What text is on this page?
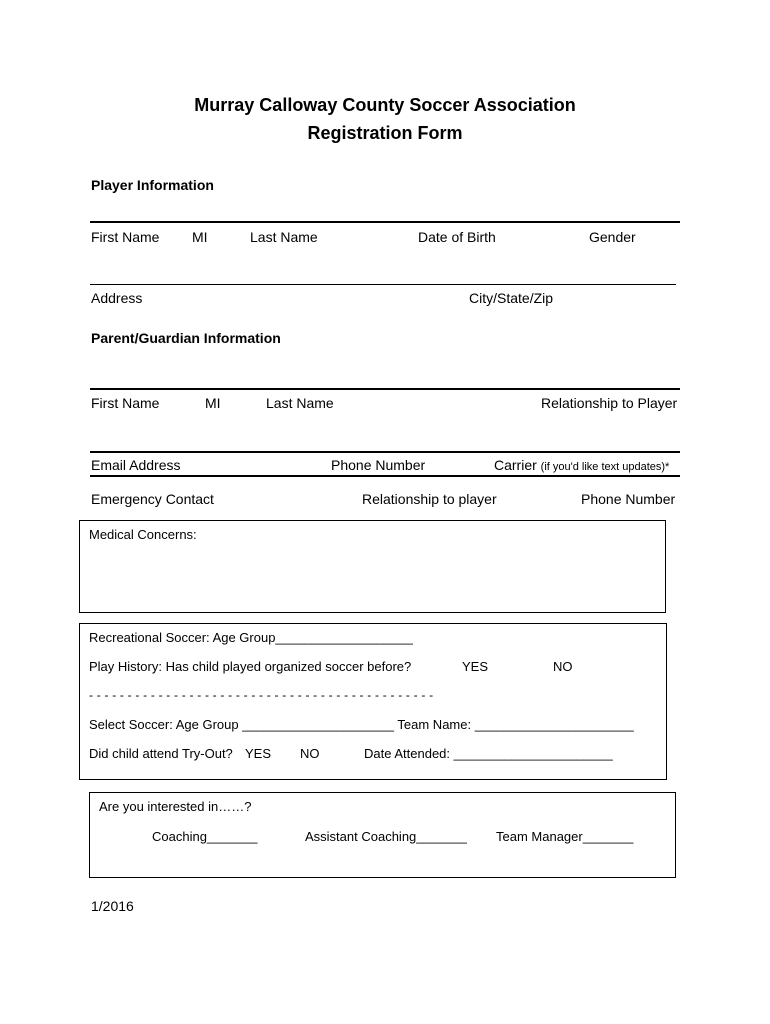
Murray Calloway County Soccer Association
Registration Form
Player Information
First Name MI	Last Name	Date of Birth	Gender
Address	City/State/Zip
Parent/Guardian Information
First Name	MI	Last Name	Relationship to Player
Email Address	Phone Number	Carrier (if you'd like text updates)*
Emergency Contact	Relationship to player	Phone Number
Medical Concerns:
Recreational Soccer: Age Group___________________
Play History: Has child played organized soccer before?	YES	NO
- - - - - - - - - - - - - - - - - - - - - - - - - - - - - - - - - - - - - - - - - - - - -
Select Soccer: Age Group _____________________ Team Name: ______________________
Did child attend Try-Out? YES NO	Date Attended: ______________________
Are you interested in……?
Coaching_______	Assistant Coaching_______ Team Manager_______
1/2016
